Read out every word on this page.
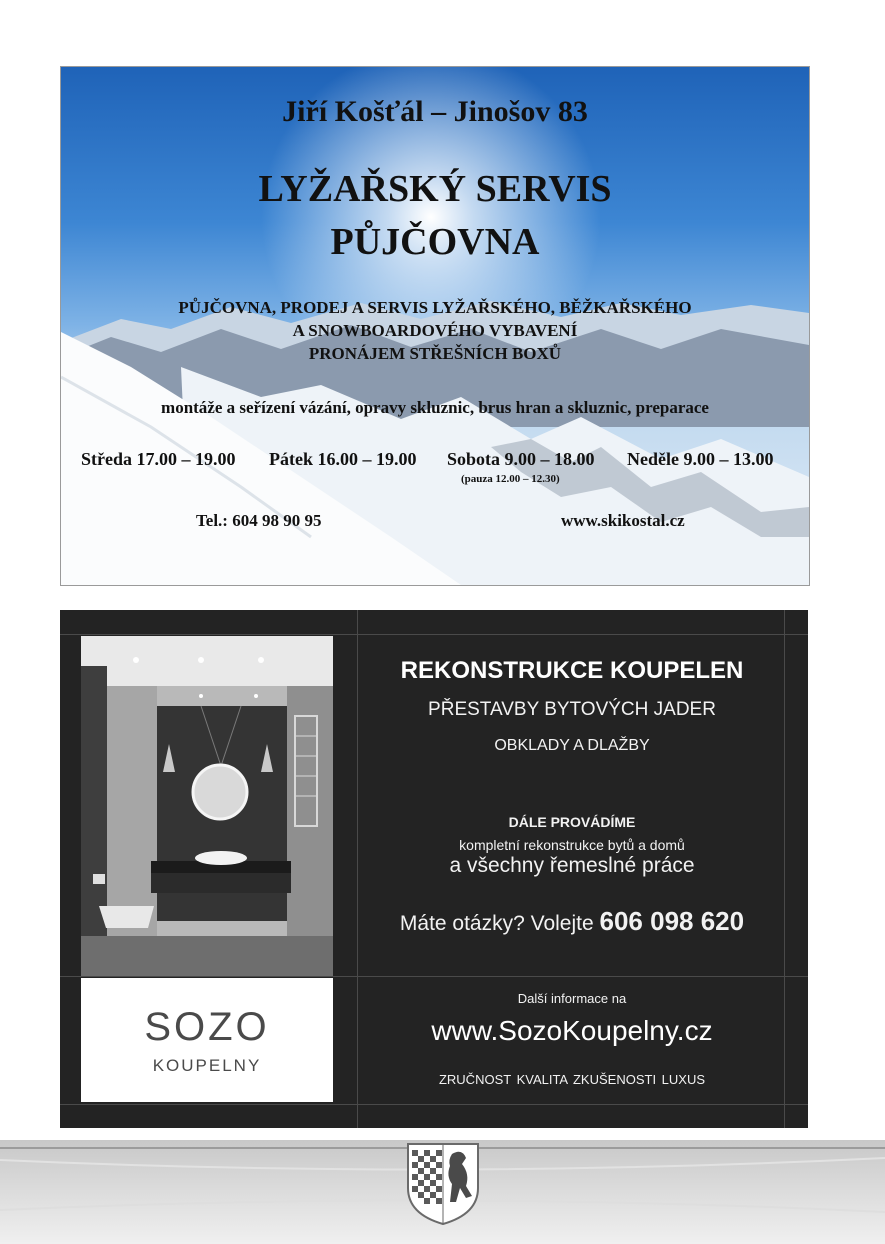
Jiří Košťál – Jinošov 83
LYŽAŘSKÝ SERVIS
PŮJČOVNA
PŮJČOVNA, PRODEJ A SERVIS LYŽAŘSKÉHO, BĚŽKAŘSKÉHO
A SNOWBOARDOVÉHO VYBAVENÍ
PRONÁJEM STŘEŠNÍCH BOXŮ
montáže a seřízení vázání, opravy skluznic, brus hran a skluznic, preparace
Středa 17.00 – 19.00 Pátek 16.00 – 19.00 Sobota 9.00 – 18.00 Neděle 9.00 – 13.00
(pauza 12.00 – 12.30)
Tel.: 604 98 90 95	www.skikostal.cz
SOZO
KOUPELNY
REKONSTRUKCE KOUPELEN
PŘESTAVBY BYTOVÝCH JADER
OBKLADY A DLAŽBY
DÁLE PROVÁDÍME
kompletní rekonstrukce bytů a domů
a všechny řemeslné práce
Máte otázky? Volejte 606 098 620
Další informace na
www.SozoKoupelny.cz
ZRUČNOST KVALITA ZKUŠENOSTI LUXUS
